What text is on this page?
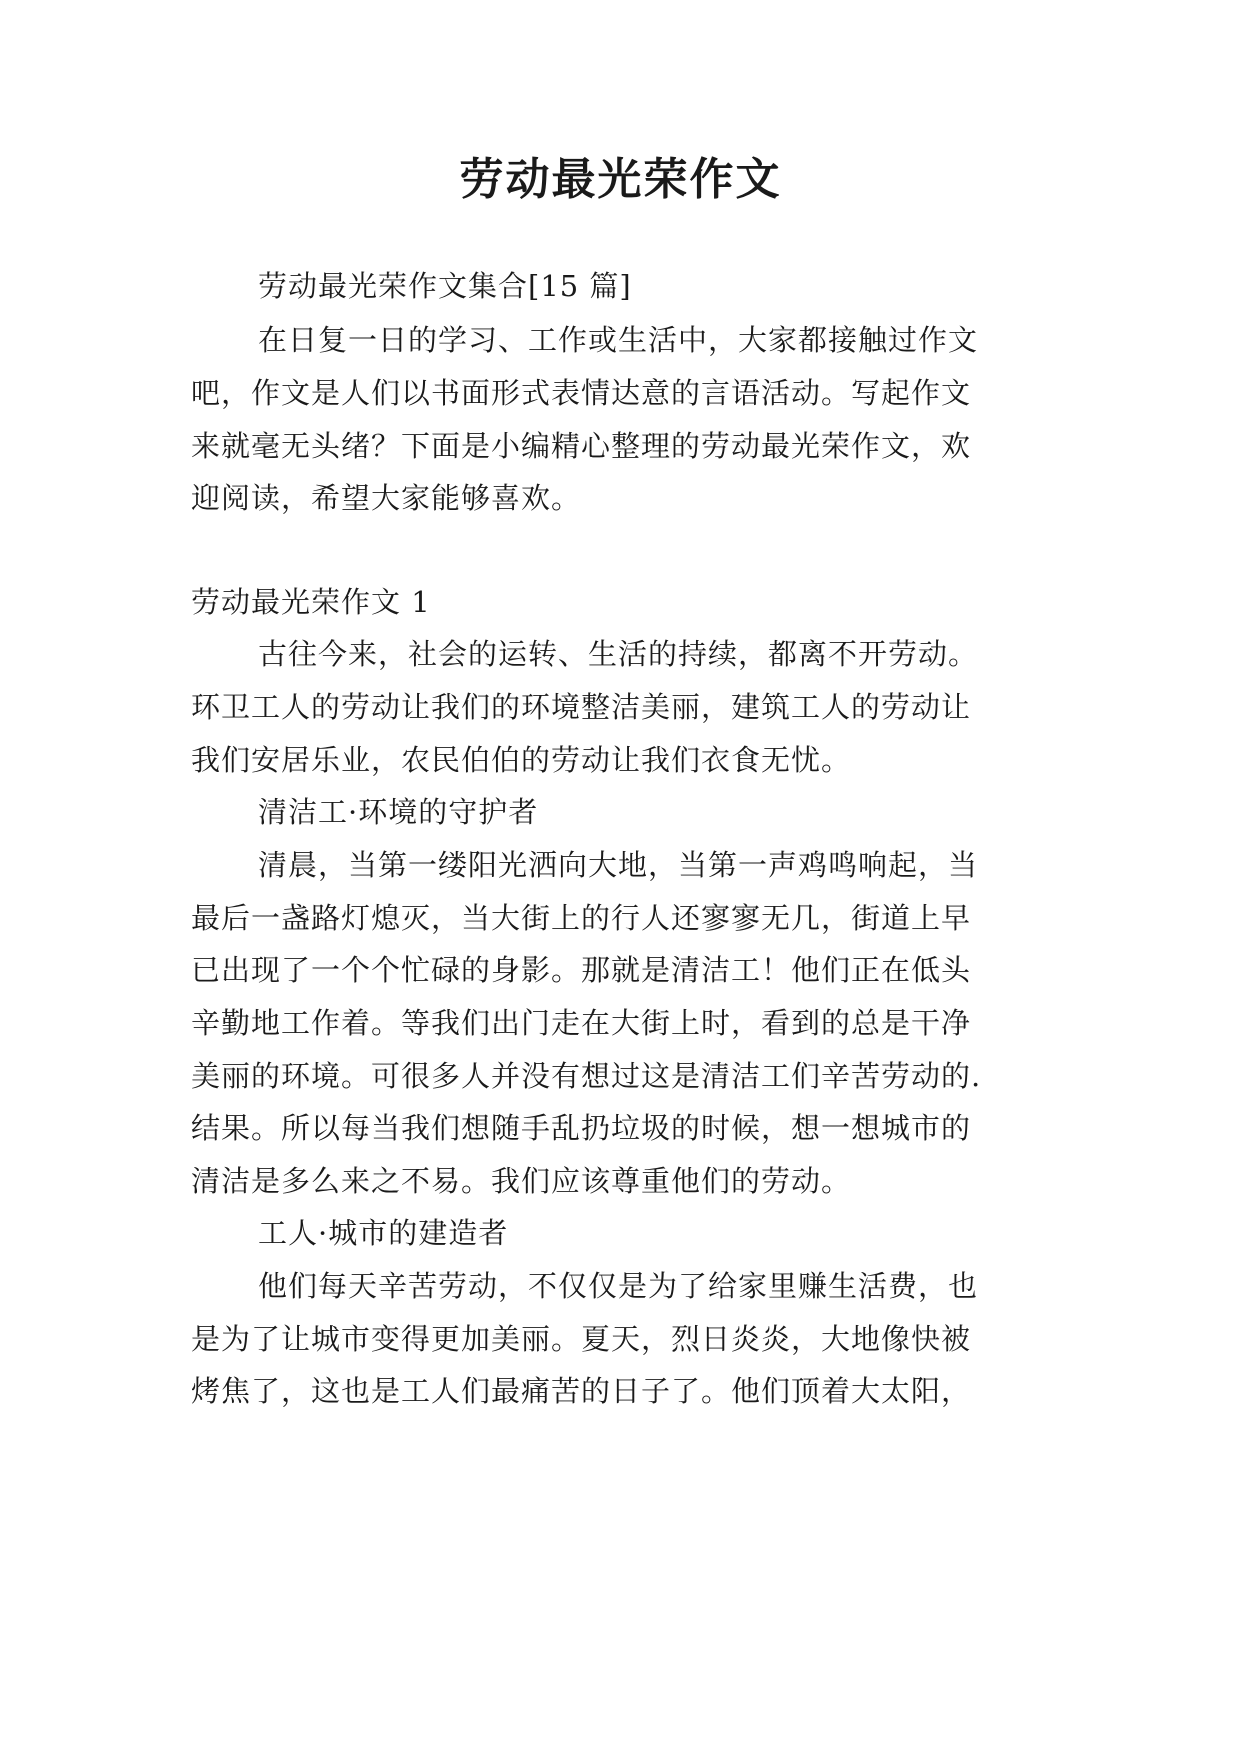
劳动最光荣作文
劳动最光荣作文集合[15 篇]
在日复一日的学习、工作或生活中，大家都接触过作文
吧，作文是人们以书面形式表情达意的言语活动。写起作文
来就毫无头绪？下面是小编精心整理的劳动最光荣作文，欢
迎阅读，希望大家能够喜欢。
劳动最光荣作文 1
古往今来，社会的运转、生活的持续，都离不开劳动。
环卫工人的劳动让我们的环境整洁美丽，建筑工人的劳动让
我们安居乐业，农民伯伯的劳动让我们衣食无忧。
清洁工·环境的守护者
清晨，当第一缕阳光洒向大地，当第一声鸡鸣响起，当
最后一盏路灯熄灭，当大街上的行人还寥寥无几，街道上早
已出现了一个个忙碌的身影。那就是清洁工！他们正在低头
辛勤地工作着。等我们出门走在大街上时，看到的总是干净
美丽的环境。可很多人并没有想过这是清洁工们辛苦劳动的.
结果。所以每当我们想随手乱扔垃圾的时候，想一想城市的
清洁是多么来之不易。我们应该尊重他们的劳动。
工人·城市的建造者
他们每天辛苦劳动，不仅仅是为了给家里赚生活费，也
是为了让城市变得更加美丽。夏天，烈日炎炎，大地像快被
烤焦了，这也是工人们最痛苦的日子了。他们顶着大太阳，
